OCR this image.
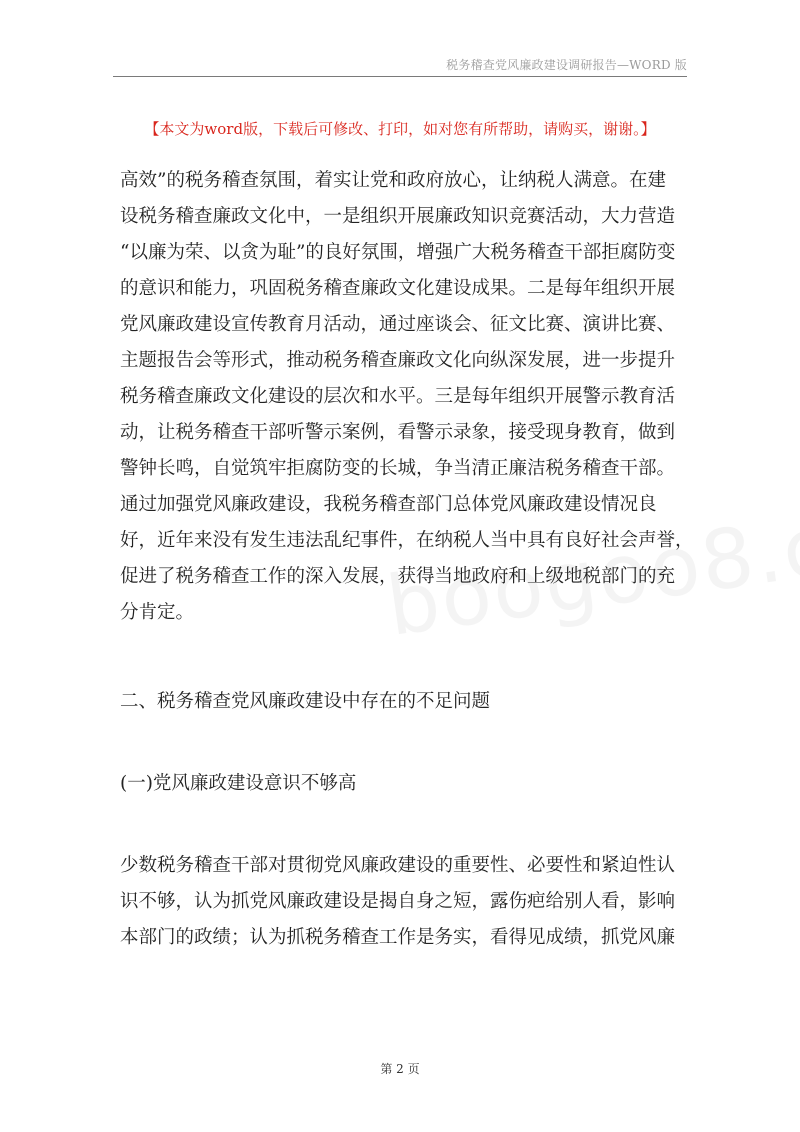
税务稽查党风廉政建设调研报告—WORD 版
【本文为word版，下载后可修改、打印，如对您有所帮助，请购买，谢谢。】
高效”的税务稽查氛围，着实让党和政府放心，让纳税人满意。在建
设税务稽查廉政文化中，一是组织开展廉政知识竞赛活动，大力营造
“以廉为荣、以贪为耻”的良好氛围，增强广大税务稽查干部拒腐防变
的意识和能力，巩固税务稽查廉政文化建设成果。二是每年组织开展
党风廉政建设宣传教育月活动，通过座谈会、征文比赛、演讲比赛、
主题报告会等形式，推动税务稽查廉政文化向纵深发展，进一步提升
税务稽查廉政文化建设的层次和水平。三是每年组织开展警示教育活
动，让税务稽查干部听警示案例，看警示录象，接受现身教育，做到
警钟长鸣，自觉筑牢拒腐防变的长城，争当清正廉洁税务稽查干部。
通过加强党风廉政建设，我税务稽查部门总体党风廉政建设情况良
好，近年来没有发生违法乱纪事件，在纳税人当中具有良好社会声誉，
促进了税务稽查工作的深入发展，获得当地政府和上级地税部门的充
分肯定。
二、税务稽查党风廉政建设中存在的不足问题
(一)党风廉政建设意识不够高
少数税务稽查干部对贯彻党风廉政建设的重要性、必要性和紧迫性认
识不够，认为抓党风廉政建设是揭自身之短，露伤疤给别人看，影响
本部门的政绩；认为抓税务稽查工作是务实，看得见成绩，抓党风廉
第 2 页
